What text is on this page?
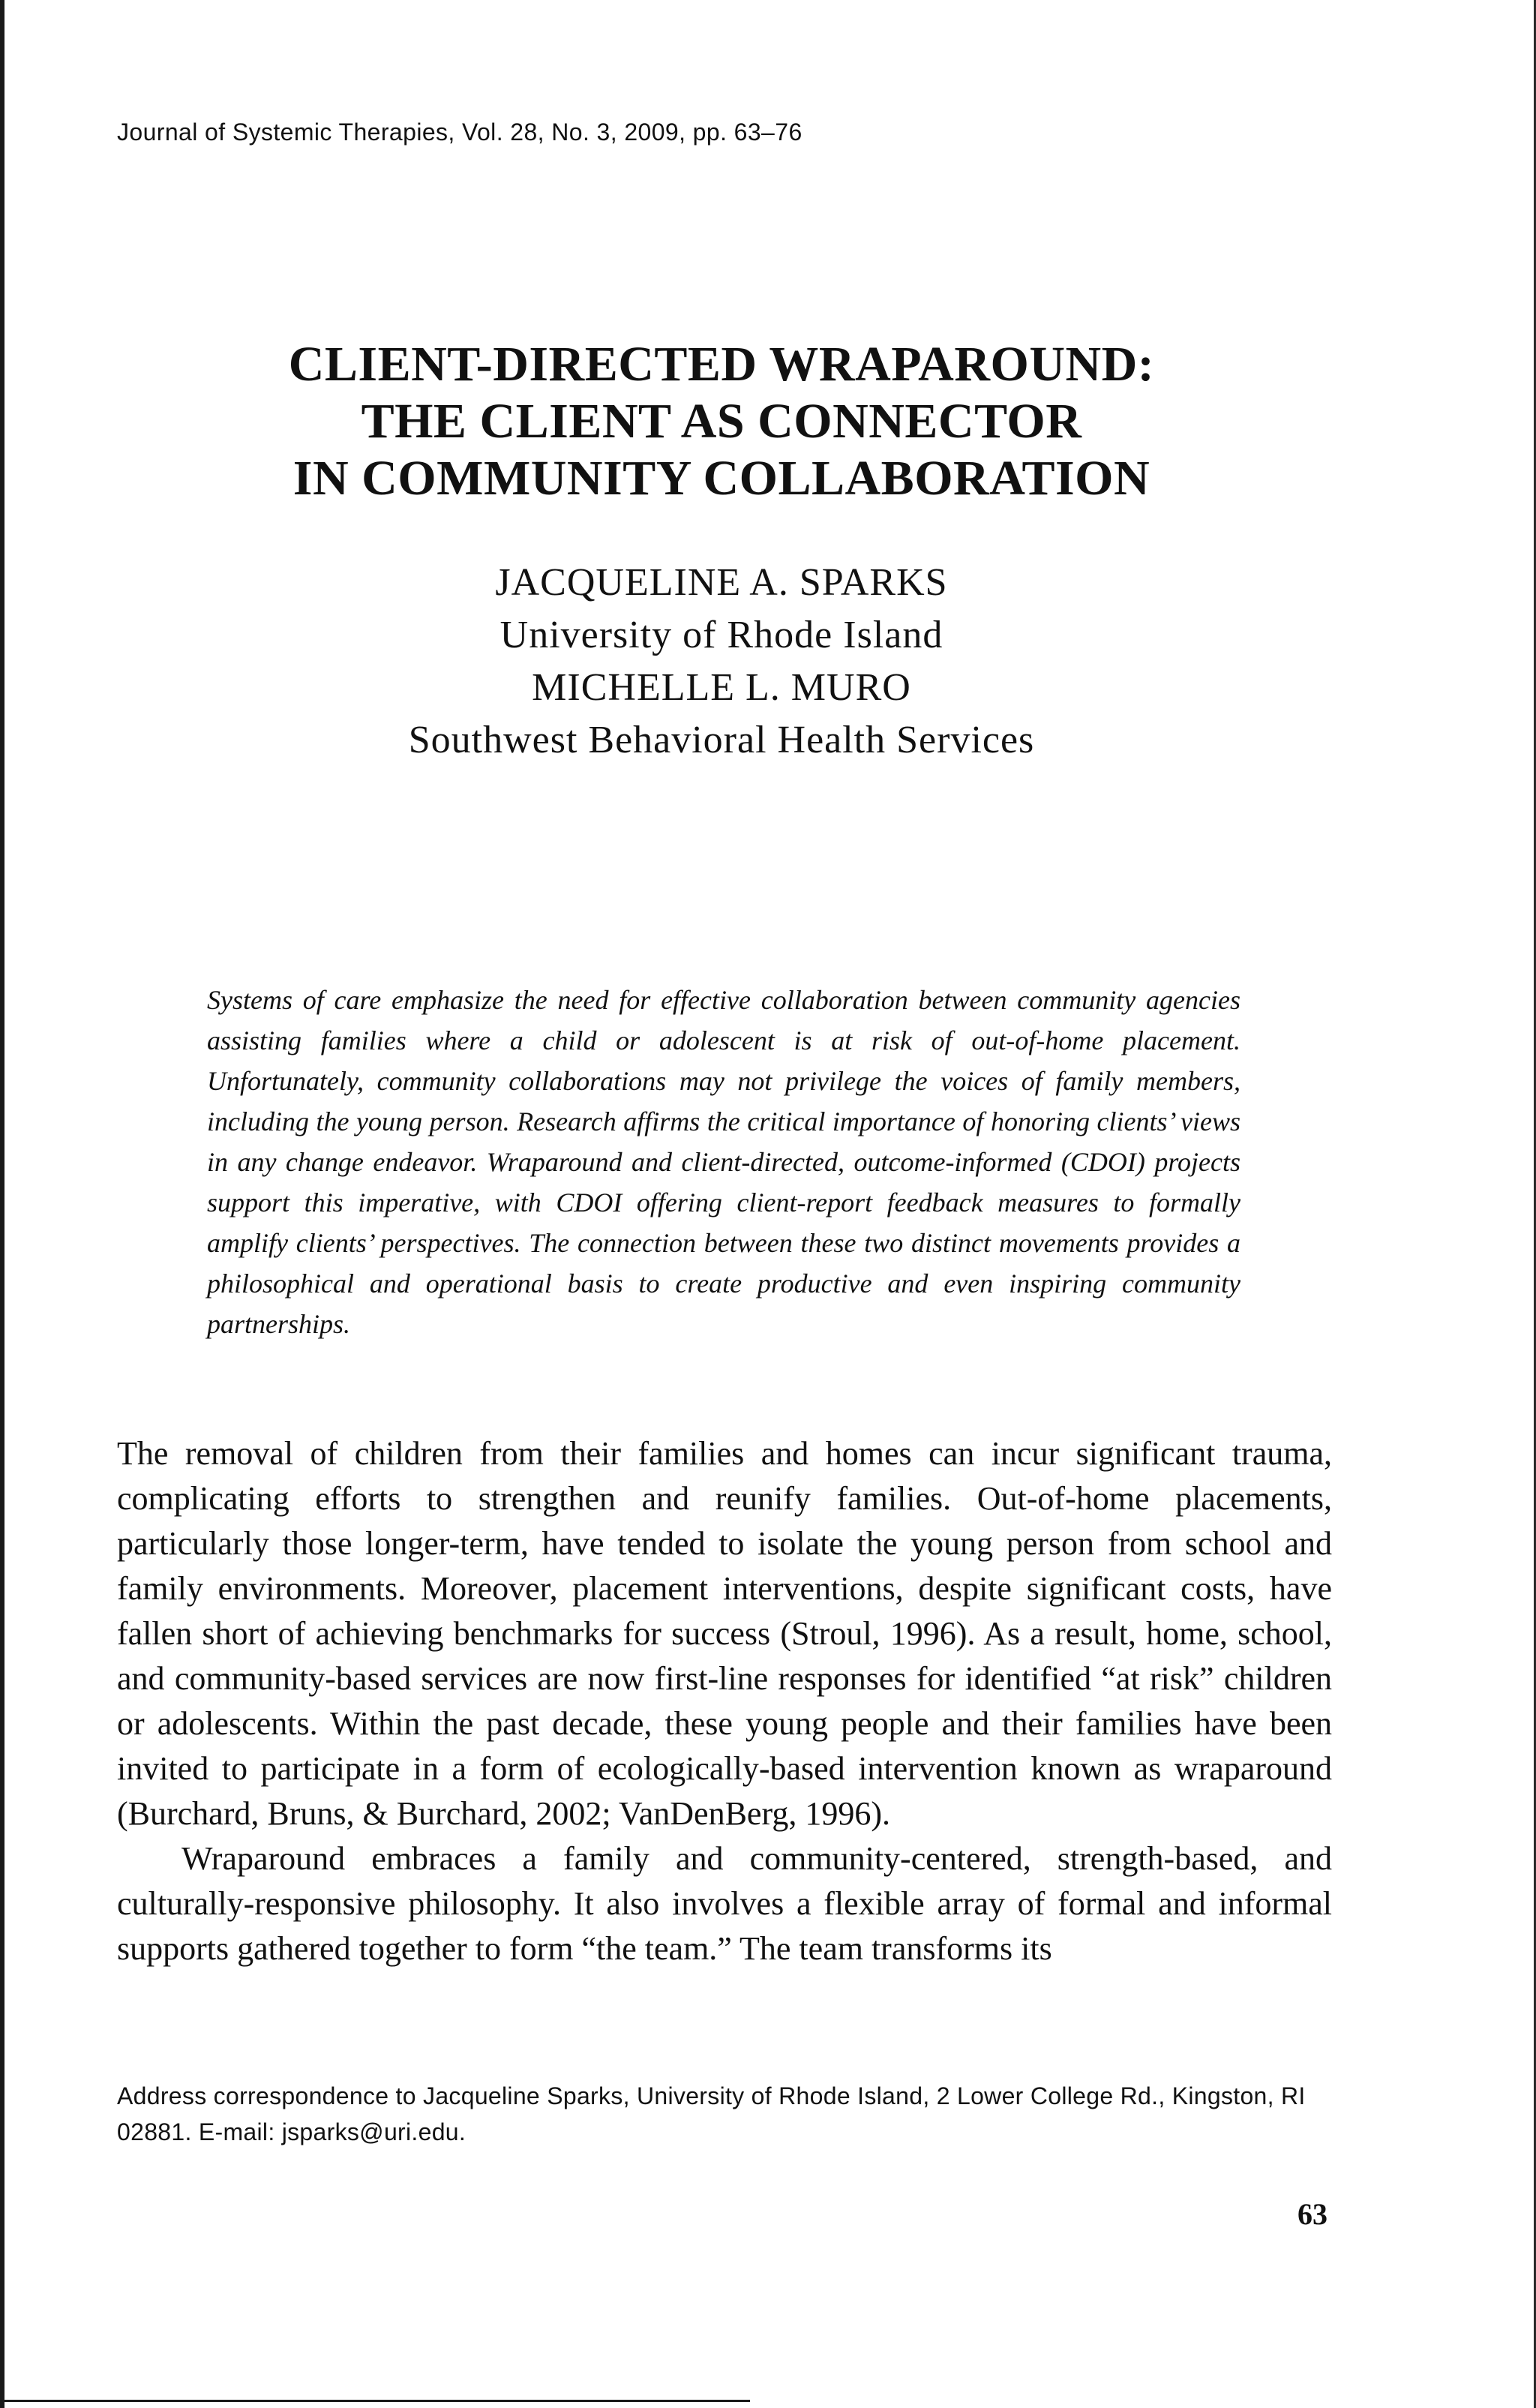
Journal of Systemic Therapies, Vol. 28, No. 3, 2009, pp. 63–76
CLIENT-DIRECTED WRAPAROUND:
THE CLIENT AS CONNECTOR
IN COMMUNITY COLLABORATION
JACQUELINE A. SPARKS
University of Rhode Island
MICHELLE L. MURO
Southwest Behavioral Health Services

Systems of care emphasize the need for effective collaboration between community agencies assisting families where a child or adolescent is at risk of out-of-home placement. Unfortunately, community collaborations may not privilege the voices of family members, including the young person. Research affirms the critical importance of honoring clients’ views in any change endeavor. Wraparound and client-directed, outcome-informed (CDOI) projects support this imperative, with CDOI offering client-report feedback measures to formally amplify clients’ perspectives. The connection between these two distinct movements provides a philosophical and operational basis to create productive and even inspiring community partnerships.

The removal of children from their families and homes can incur significant trauma, complicating efforts to strengthen and reunify families. Out-of-home placements, particularly those longer-term, have tended to isolate the young person from school and family environments. Moreover, placement interventions, despite significant costs, have fallen short of achieving benchmarks for success (Stroul, 1996). As a result, home, school, and community-based services are now first-line responses for identified “at risk” children or adolescents. Within the past decade, these young people and their families have been invited to participate in a form of ecologically-based intervention known as wraparound (Burchard, Bruns, & Burchard, 2002; VanDenBerg, 1996).

Wraparound embraces a family and community-centered, strength-based, and culturally-responsive philosophy. It also involves a flexible array of formal and informal supports gathered together to form “the team.” The team transforms its

Address correspondence to Jacqueline Sparks, University of Rhode Island, 2 Lower College Rd., Kingston, RI 02881. E-mail: jsparks@uri.edu.

63
